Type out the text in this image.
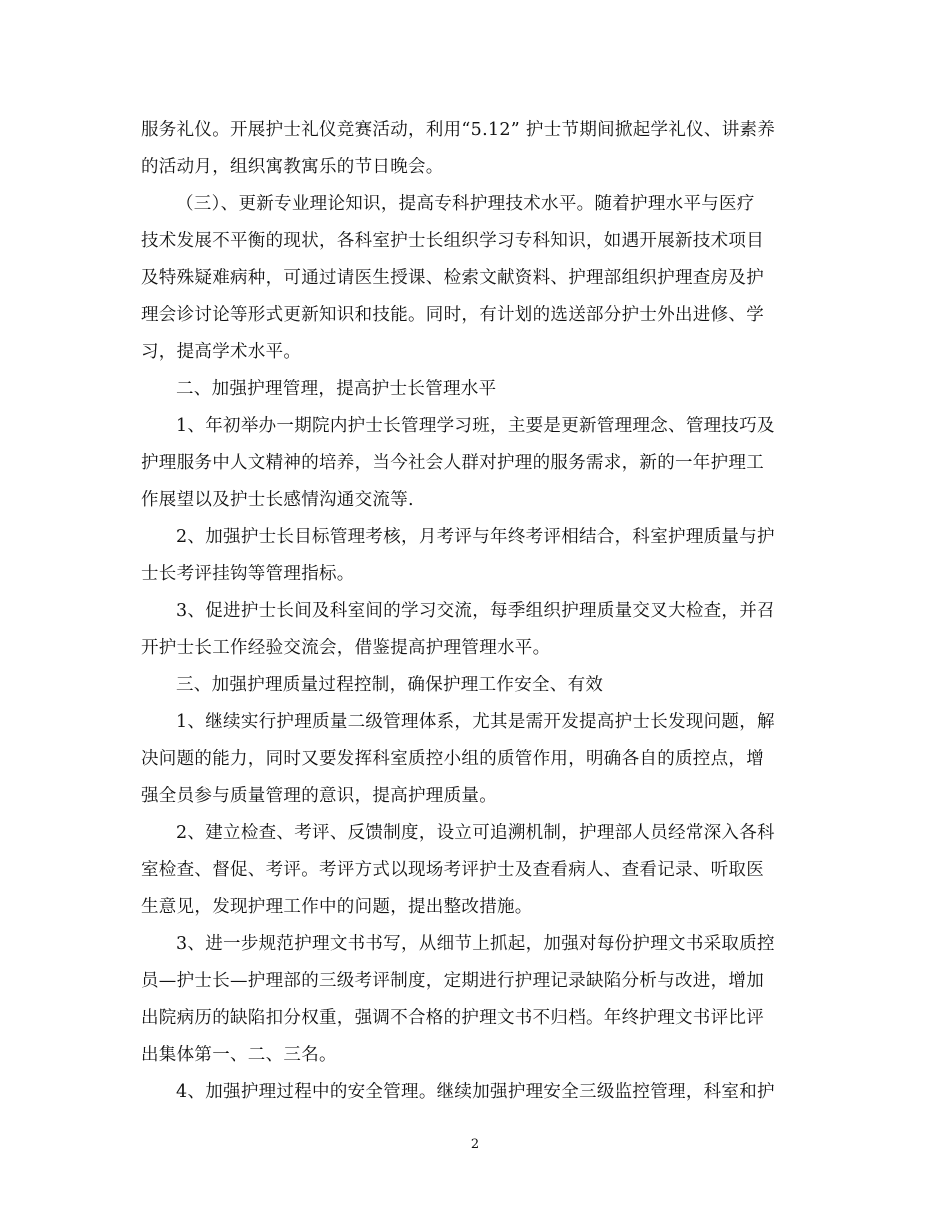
服务礼仪。开展护士礼仪竞赛活动，利用“5.12” 护士节期间掀起学礼仪、讲素养
的活动月，组织寓教寓乐的节日晚会。
（三）、更新专业理论知识，提高专科护理技术水平。随着护理水平与医疗
技术发展不平衡的现状，各科室护士长组织学习专科知识，如遇开展新技术项目
及特殊疑难病种，可通过请医生授课、检索文献资料、护理部组织护理查房及护
理会诊讨论等形式更新知识和技能。同时，有计划的选送部分护士外出进修、学
习，提高学术水平。
二、加强护理管理，提高护士长管理水平
1、年初举办一期院内护士长管理学习班，主要是更新管理理念、管理技巧及
护理服务中人文精神的培养，当今社会人群对护理的服务需求，新的一年护理工
作展望以及护士长感情沟通交流等.
2、加强护士长目标管理考核，月考评与年终考评相结合，科室护理质量与护
士长考评挂钩等管理指标。
3、促进护士长间及科室间的学习交流，每季组织护理质量交叉大检查，并召
开护士长工作经验交流会，借鉴提高护理管理水平。
三、加强护理质量过程控制，确保护理工作安全、有效
1、继续实行护理质量二级管理体系，尤其是需开发提高护士长发现问题，解
决问题的能力，同时又要发挥科室质控小组的质管作用，明确各自的质控点，增
强全员参与质量管理的意识，提高护理质量。
2、建立检查、考评、反馈制度，设立可追溯机制，护理部人员经常深入各科
室检查、督促、考评。考评方式以现场考评护士及查看病人、查看记录、听取医
生意见，发现护理工作中的问题，提出整改措施。
3、进一步规范护理文书书写，从细节上抓起，加强对每份护理文书采取质控
员—护士长—护理部的三级考评制度，定期进行护理记录缺陷分析与改进，增加
出院病历的缺陷扣分权重，强调不合格的护理文书不归档。年终护理文书评比评
出集体第一、二、三名。
4、加强护理过程中的安全管理。继续加强护理安全三级监控管理，科室和护
2
